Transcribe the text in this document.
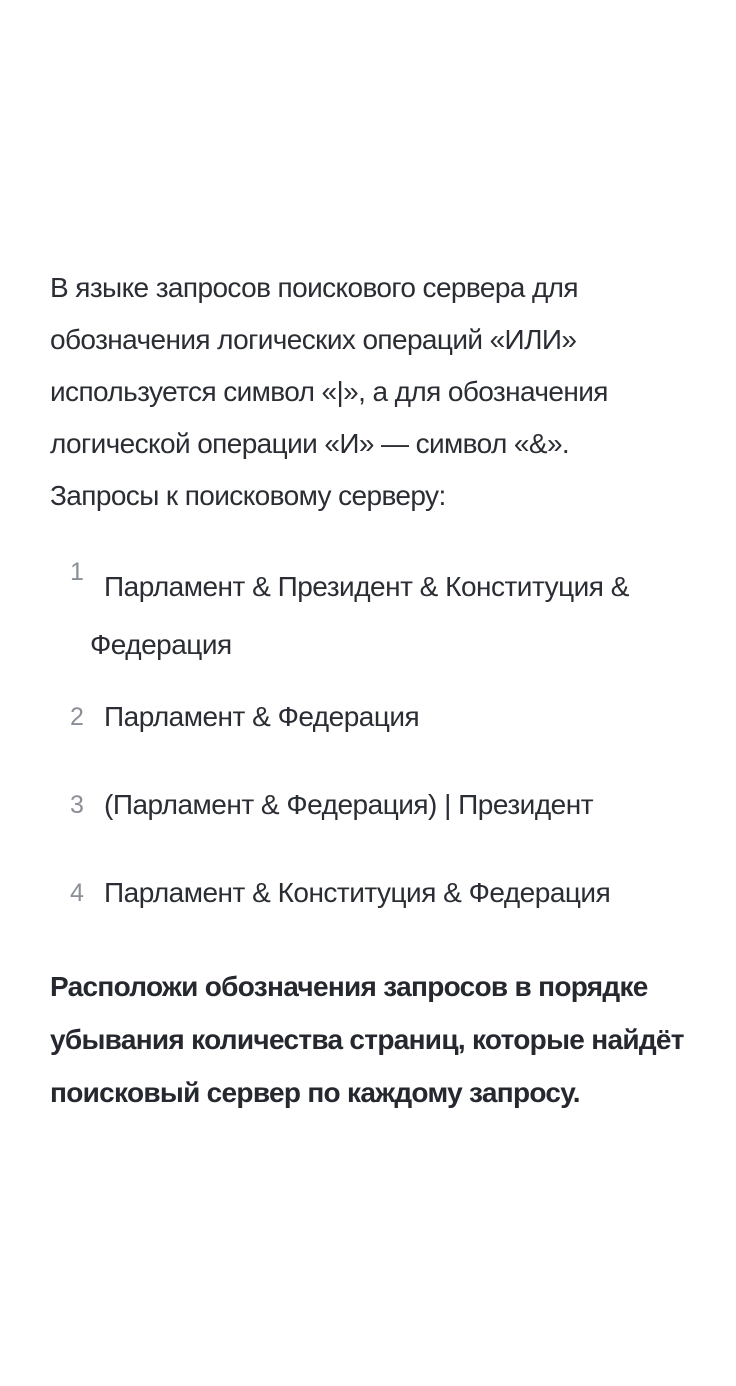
В языке запросов поискового сервера для
обозначения логических операций «ИЛИ»
используется символ «|», а для обозначения
логической операции «И» — символ «&».
Запросы к поисковому серверу:

1 Парламент & Президент & Конституция &
Федерация
2 Парламент & Федерация
3 (Парламент & Федерация) | Президент
4 Парламент & Конституция & Федерация

Расположи обозначения запросов в порядке
убывания количества страниц, которые найдёт
поисковый сервер по каждому запросу.
